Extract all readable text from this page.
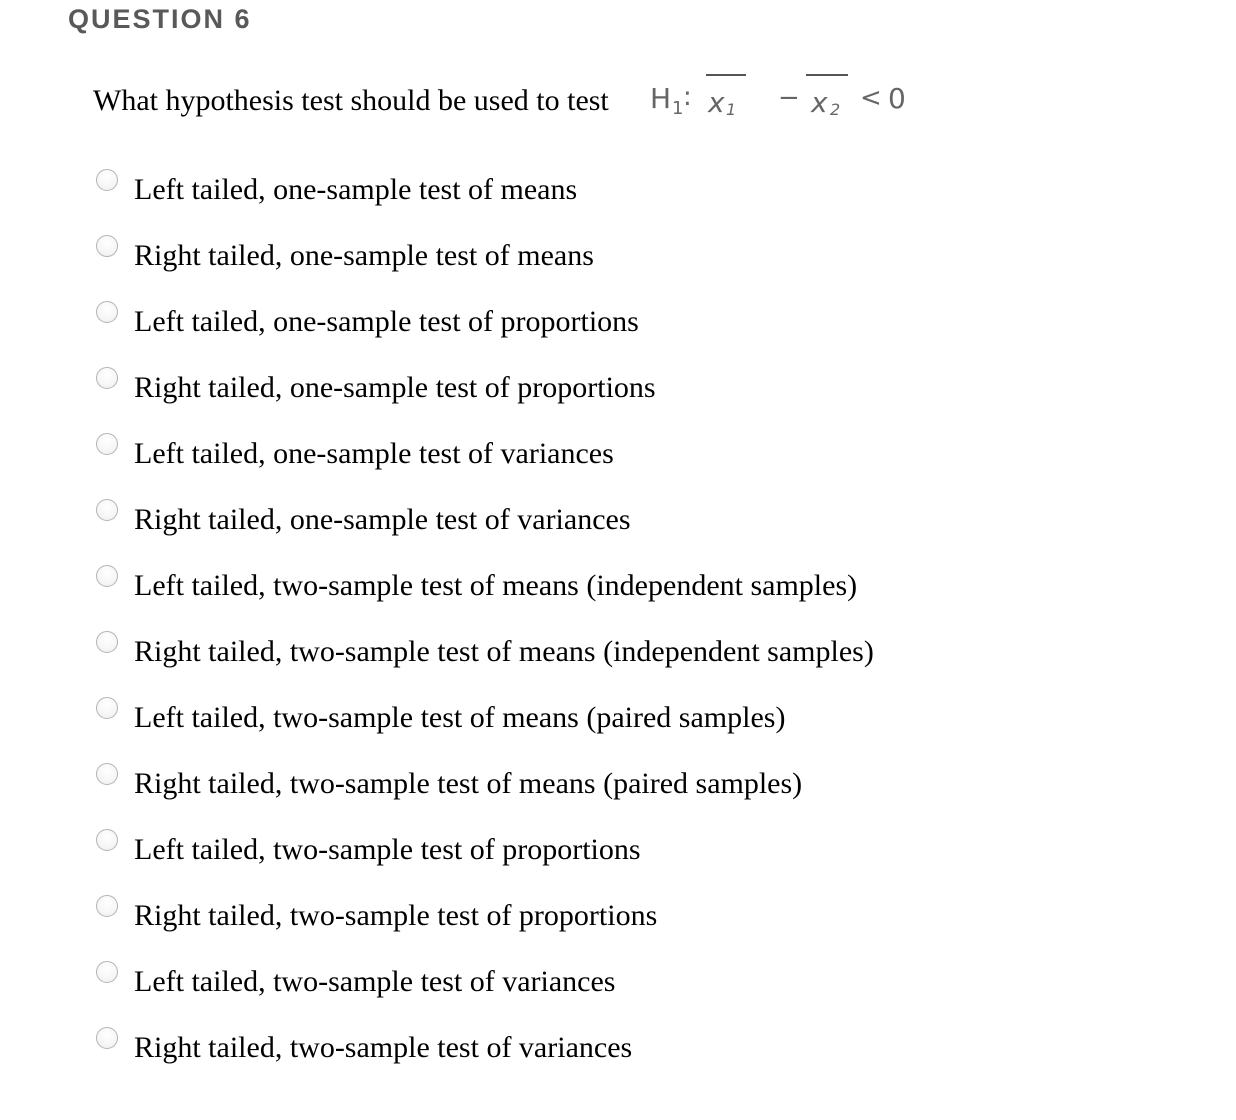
QUESTION 6
What hypothesis test should be used to test H 1 : x 1 − x 2 < 0
Left tailed, one-sample test of means
Right tailed, one-sample test of means
Left tailed, one-sample test of proportions
Right tailed, one-sample test of proportions
Left tailed, one-sample test of variances
Right tailed, one-sample test of variances
Left tailed, two-sample test of means (independent samples)
Right tailed, two-sample test of means (independent samples)
Left tailed, two-sample test of means (paired samples)
Right tailed, two-sample test of means (paired samples)
Left tailed, two-sample test of proportions
Right tailed, two-sample test of proportions
Left tailed, two-sample test of variances
Right tailed, two-sample test of variances
